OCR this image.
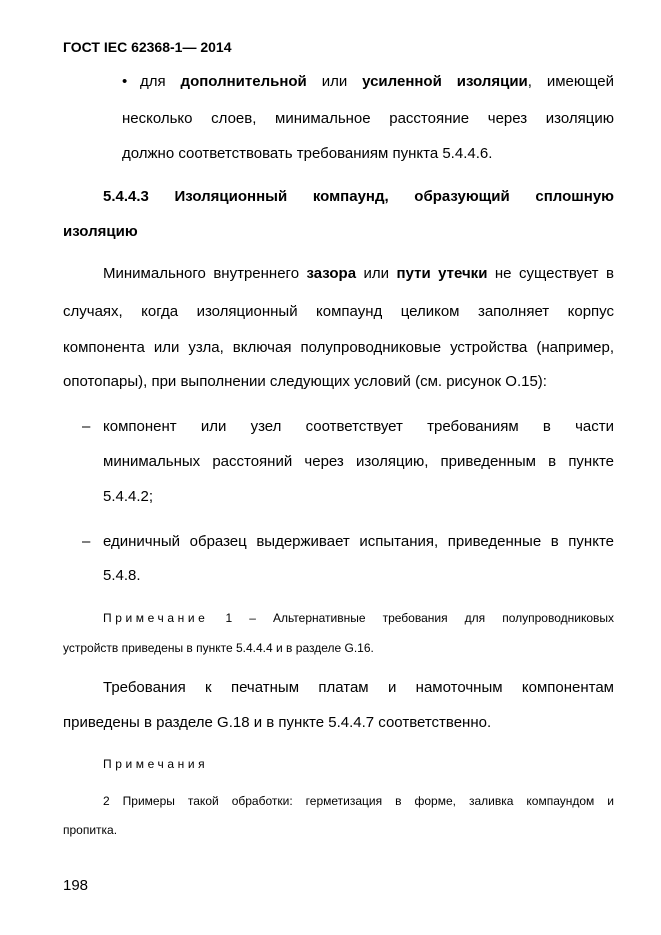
ГОСТ IEC 62368-1— 2014
• для дополнительной или усиленной изоляции, имеющей
несколько слоев, минимальное расстояние через изоляцию
должно соответствовать требованиям пункта 5.4.4.6.
5.4.4.3 Изоляционный компаунд, образующий сплошную
изоляцию
Минимального внутреннего зазора или пути утечки не существует в
случаях, когда изоляционный компаунд целиком заполняет корпус
компонента или узла, включая полупроводниковые устройства (например,
опотопары), при выполнении следующих условий (см. рисунок О.15):
– компонент или узел соответствует требованиям в части
минимальных расстояний через изоляцию, приведенным в пункте
5.4.4.2;
– единичный образец выдерживает испытания, приведенные в пункте
5.4.8.
Примечание 1 – Альтернативные требования для полупроводниковых
устройств приведены в пункте 5.4.4.4 и в разделе G.16.
Требования к печатным платам и намоточным компонентам
приведены в разделе G.18 и в пункте 5.4.4.7 соответственно.
Примечания
2 Примеры такой обработки: герметизация в форме, заливка компаундом и
пропитка.
198
